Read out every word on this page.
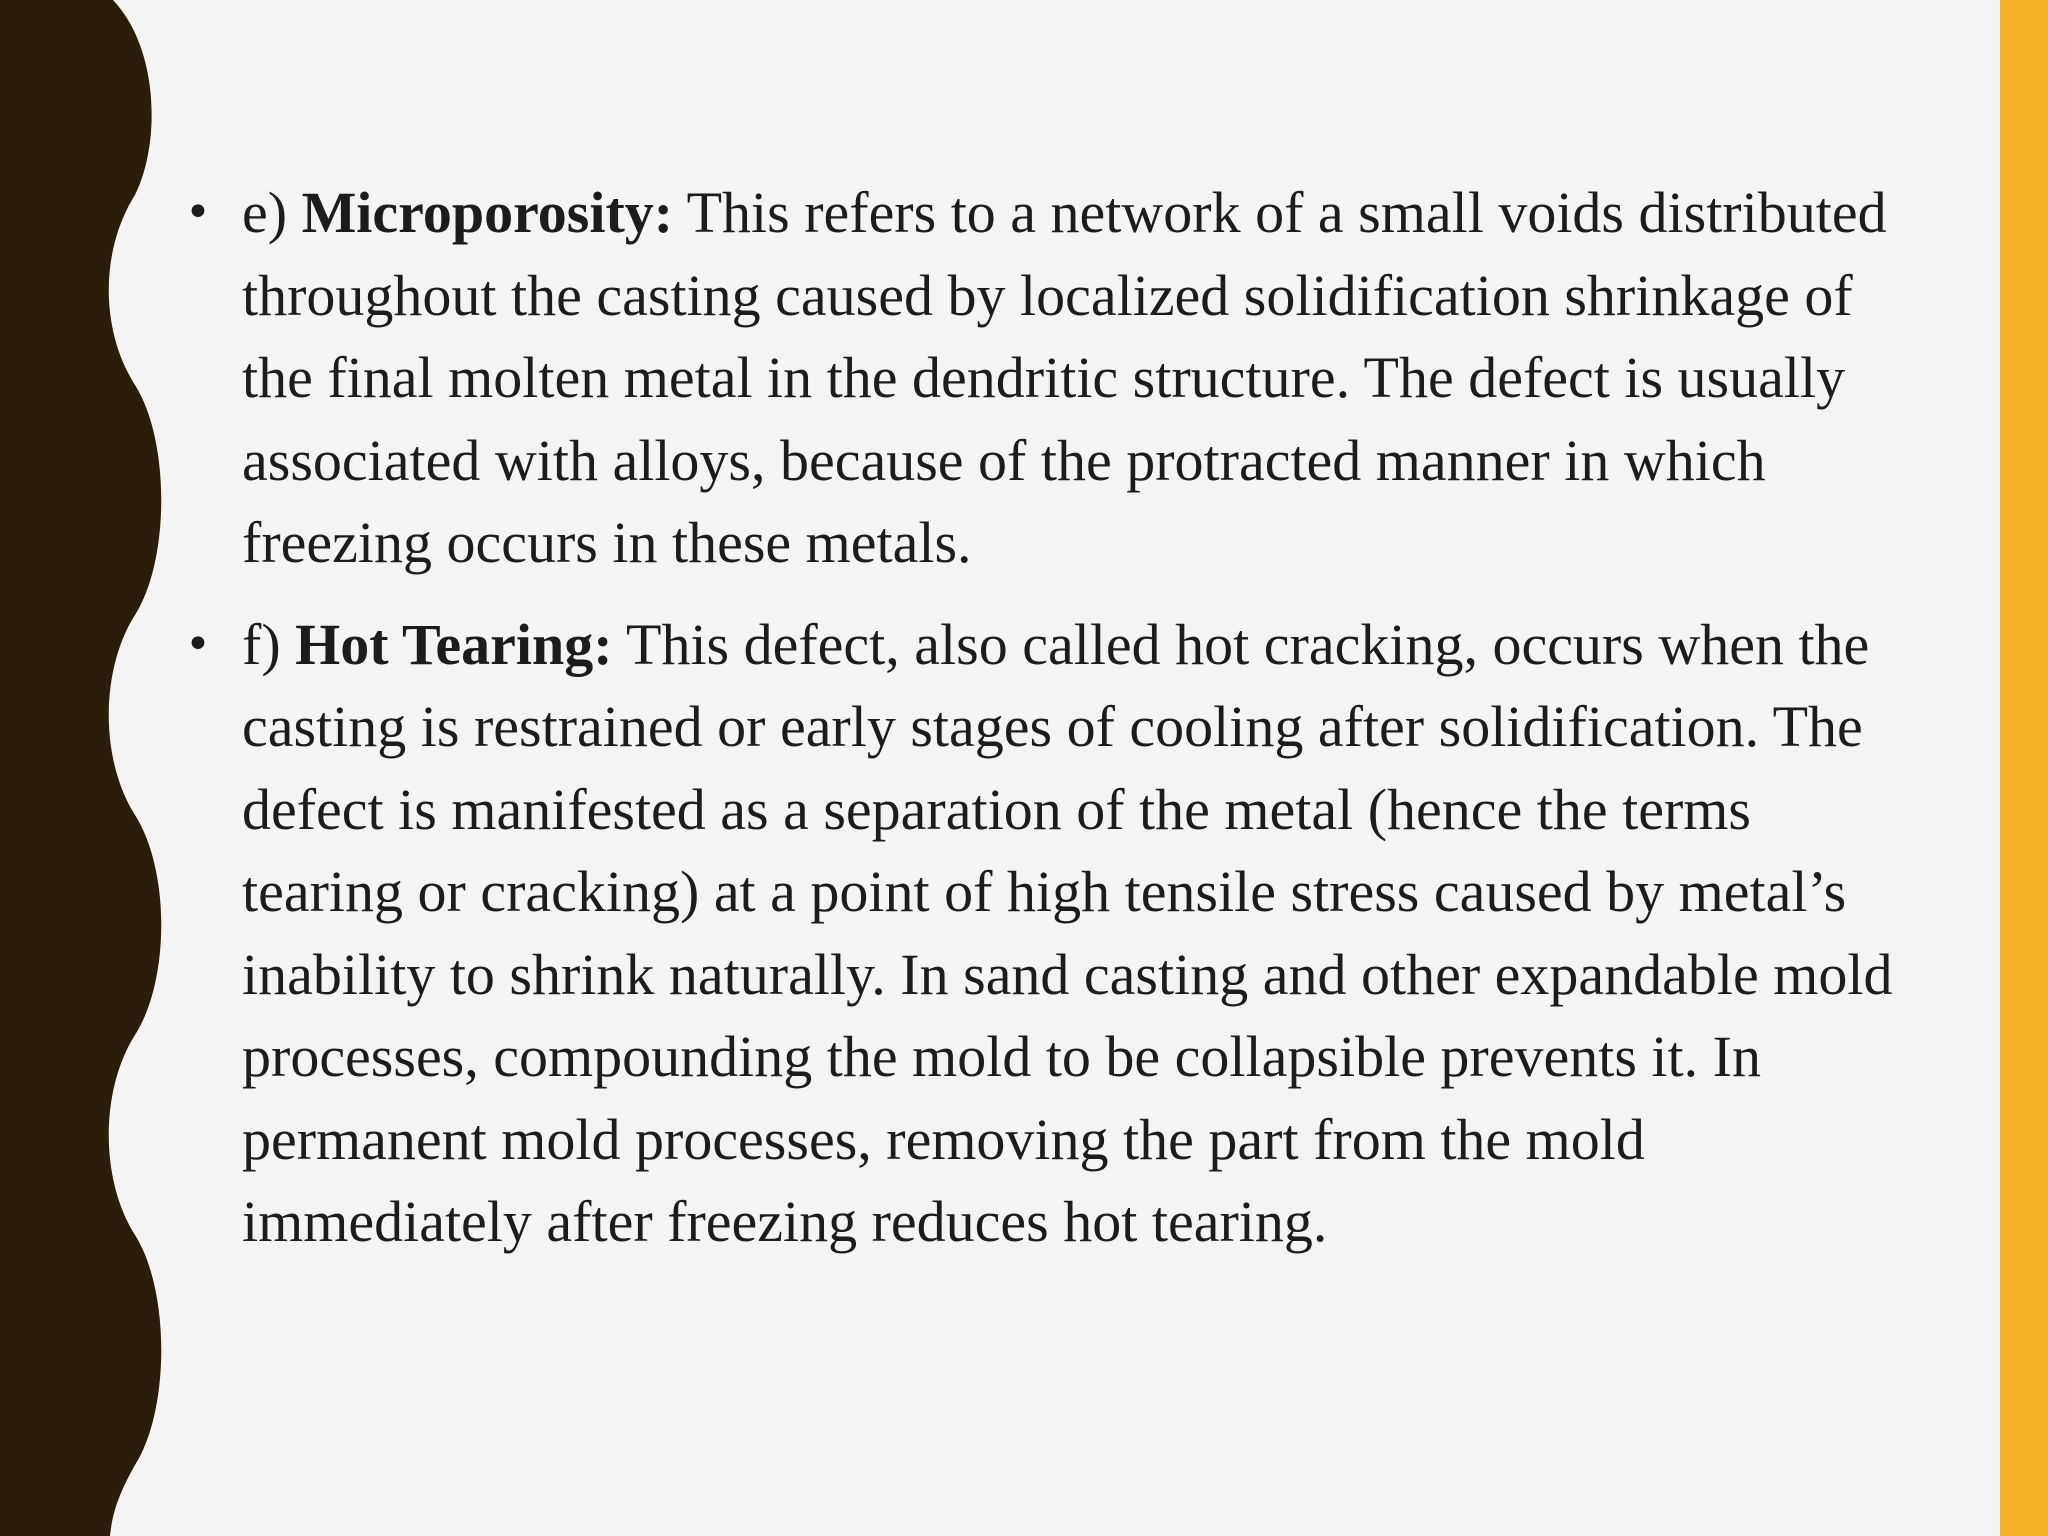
• e) Microporosity: This refers to a network of a small voids distributed throughout the casting caused by localized solidification shrinkage of the final molten metal in the dendritic structure. The defect is usually associated with alloys, because of the protracted manner in which freezing occurs in these metals.
• f) Hot Tearing: This defect, also called hot cracking, occurs when the casting is restrained or early stages of cooling after solidification. The defect is manifested as a separation of the metal (hence the terms tearing or cracking) at a point of high tensile stress caused by metal’s inability to shrink naturally. In sand casting and other expandable mold processes, compounding the mold to be collapsible prevents it. In permanent mold processes, removing the part from the mold immediately after freezing reduces hot tearing.
